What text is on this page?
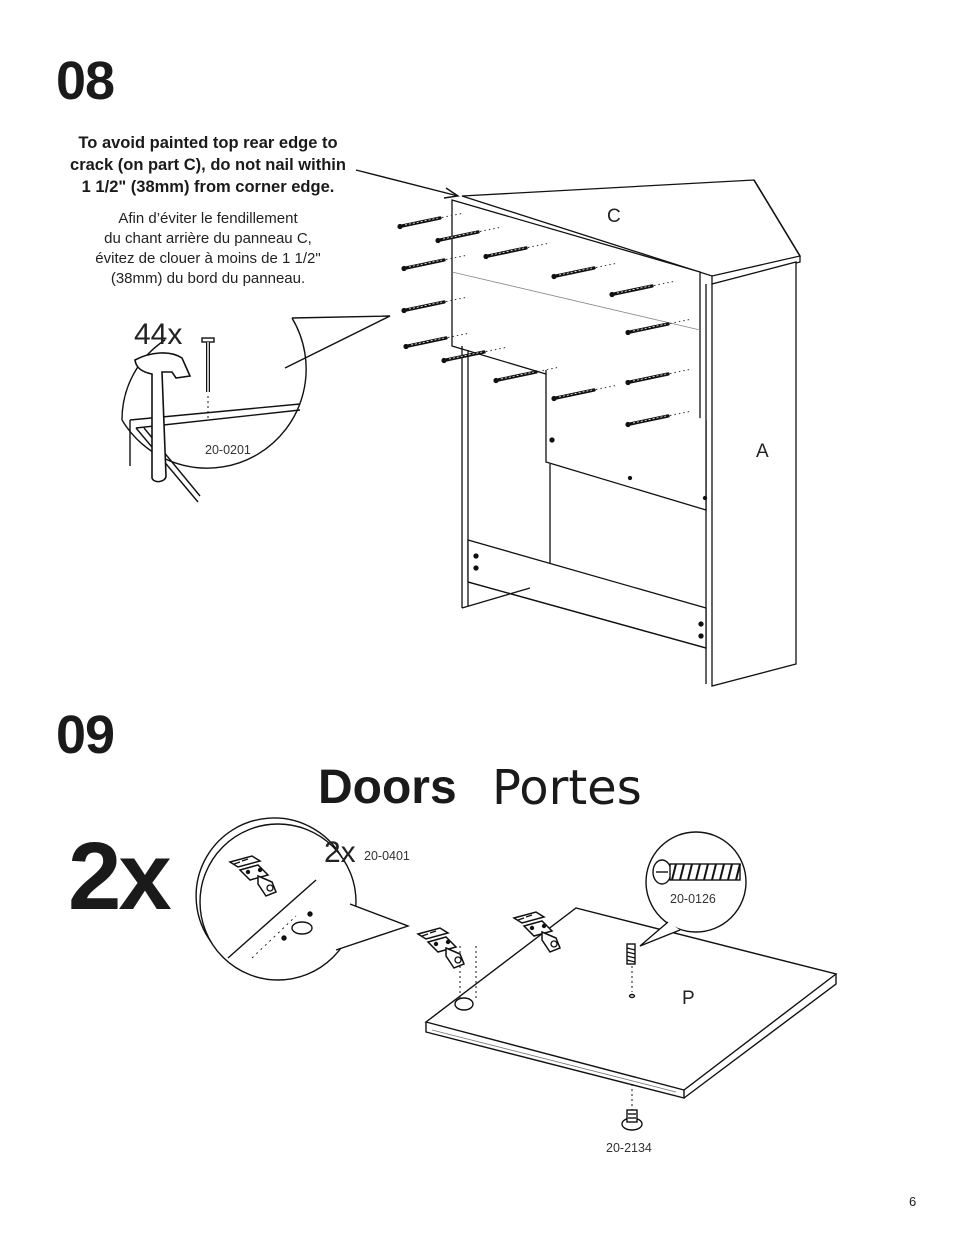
08
To avoid painted top rear edge to
crack (on part C), do not nail within
1 1/2" (38mm) from corner edge.
Afin d’éviter le fendillement
du chant arrière du panneau C,
évitez de clouer à moins de 1 1/2"
(38mm) du bord du panneau.
44x
20-0201
C
A
09
Doors Portes
2x	2x 20-0401
20-0126
P
20-2134
6
